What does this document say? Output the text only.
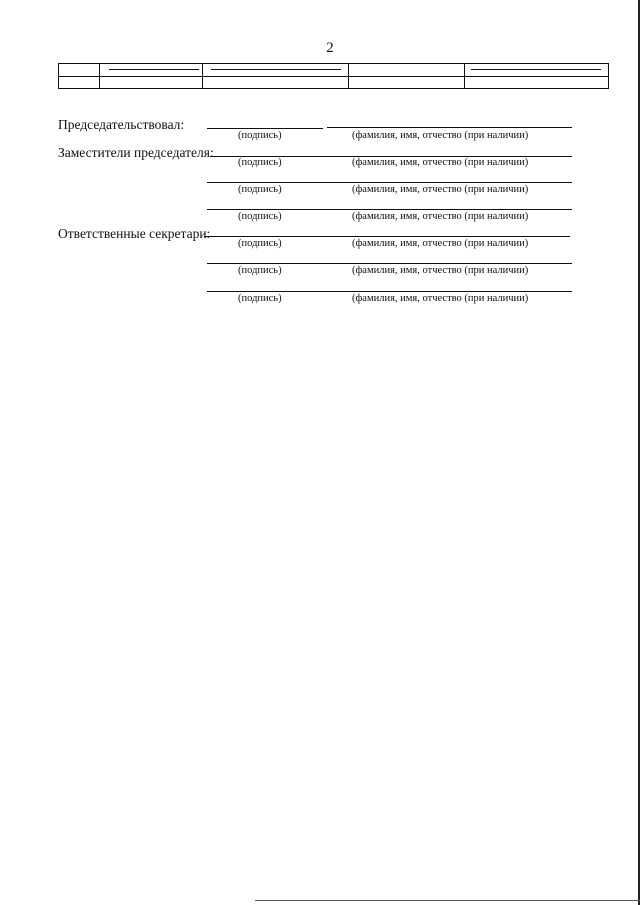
2
Председательствовал:
(подпись)	(фамилия, имя, отчество (при наличии)
Заместители председателя:
(подпись)	(фамилия, имя, отчество (при наличии)
(подпись)	(фамилия, имя, отчество (при наличии)
(подпись)	(фамилия, имя, отчество (при наличии)
Ответственные секретари:
(подпись)	(фамилия, имя, отчество (при наличии)
(подпись)	(фамилия, имя, отчество (при наличии)
(подпись)	(фамилия, имя, отчество (при наличии)
